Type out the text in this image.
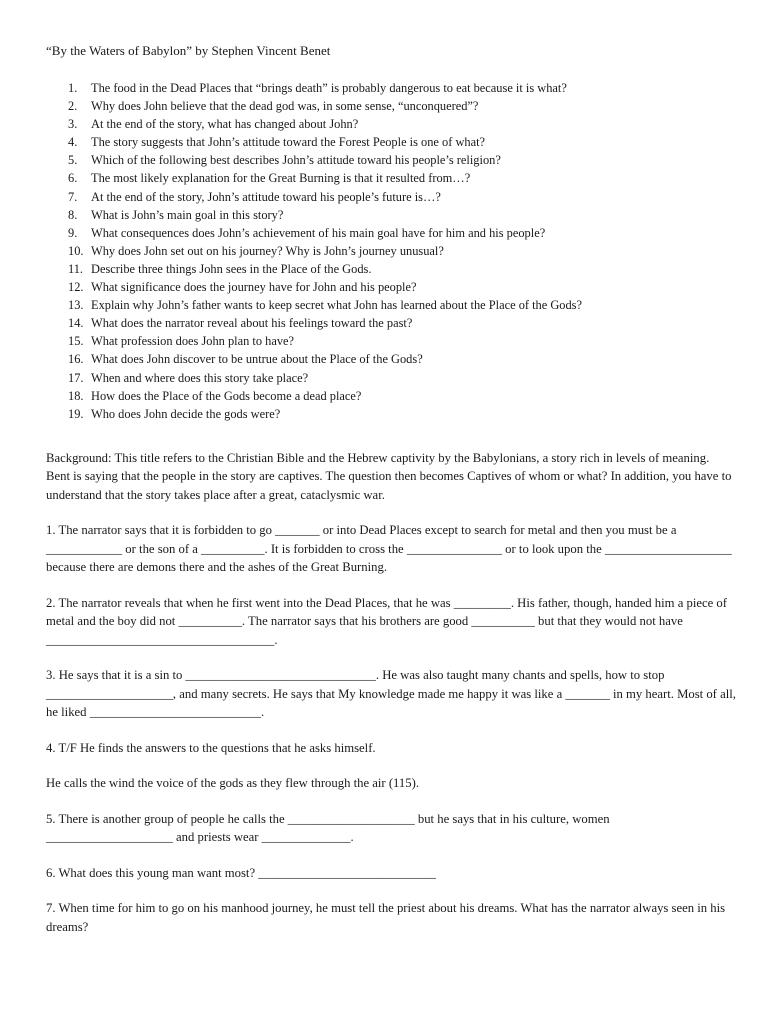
“By the Waters of Babylon” by Stephen Vincent Benet
1.	The food in the Dead Places that “brings death” is probably dangerous to eat because it is what?
2.	Why does John believe that the dead god was, in some sense, “unconquered”?
3.	At the end of the story, what has changed about John?
4.	The story suggests that John’s attitude toward the Forest People is one of what?
5.	Which of the following best describes John’s attitude toward his people’s religion?
6.	The most likely explanation for the Great Burning is that it resulted from…?
7.	At the end of the story, John’s attitude toward his people’s future is…?
8.	What is John’s main goal in this story?
9.	What consequences does John’s achievement of his main goal have for him and his people?
10. Why does John set out on his journey? Why is John’s journey unusual?
11. Describe three things John sees in the Place of the Gods.
12. What significance does the journey have for John and his people?
13. Explain why John’s father wants to keep secret what John has learned about the Place of the Gods?
14. What does the narrator reveal about his feelings toward the past?
15. What profession does John plan to have?
16. What does John discover to be untrue about the Place of the Gods?
17. When and where does this story take place?
18. How does the Place of the Gods become a dead place?
19. Who does John decide the gods were?

Background: This title refers to the Christian Bible and the Hebrew captivity by the Babylonians, a story rich in levels of meaning. Bent is saying that the people in the story are captives. The question then becomes Captives of whom or what? In addition, you have to understand that the story takes place after a great, cataclysmic war.

1. The narrator says that it is forbidden to go _______ or into Dead Places except to search for metal and then you must be a ____________ or the son of a __________. It is forbidden to cross the _______________ or to look upon the ____________________ because there are demons there and the ashes of the Great Burning.

2. The narrator reveals that when he first went into the Dead Places, that he was _________. His father, though, handed him a piece of metal and the boy did not __________. The narrator says that his brothers are good __________ but that they would not have ____________________________________.

3. He says that it is a sin to ______________________________. He was also taught many chants and spells, how to stop ____________________, and many secrets. He says that My knowledge made me happy it was like a _______ in my heart. Most of all, he liked ___________________________.

4. T/F He finds the answers to the questions that he asks himself.

He calls the wind the voice of the gods as they flew through the air (115).

5. There is another group of people he calls the ____________________ but he says that in his culture, women ____________________ and priests wear ______________.

6. What does this young man want most? ____________________________

7. When time for him to go on his manhood journey, he must tell the priest about his dreams. What has the narrator always seen in his dreams?
